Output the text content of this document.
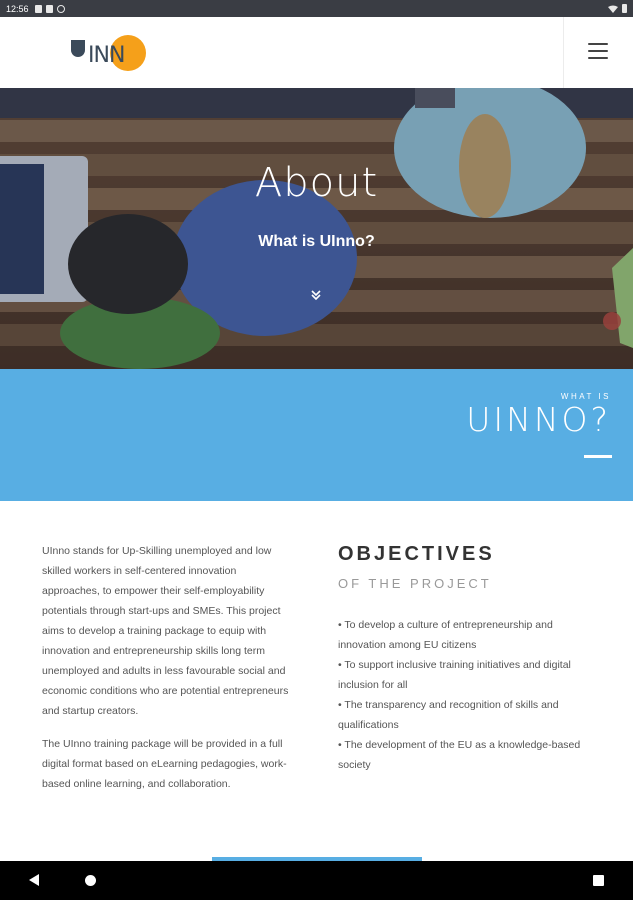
12:56
INN
About
What is UInno?
WHAT IS
UINNO?

UInno stands for Up-Skilling unemployed and low skilled workers in self-centered innovation approaches, to empower their self-employability potentials through start-ups and SMEs. This project aims to develop a training package to equip with innovation and entrepreneurship skills long term unemployed and adults in less favourable social and economic conditions who are potential entrepreneurs and startup creators.

The UInno training package will be provided in a full digital format based on eLearning pedagogies, work-based online learning, and collaboration.

OBJECTIVES
OF THE PROJECT
• To develop a culture of entrepreneurship and innovation among EU citizens
• To support inclusive training initiatives and digital inclusion for all
• The transparency and recognition of skills and qualifications
• The development of the EU as a knowledge-based society
